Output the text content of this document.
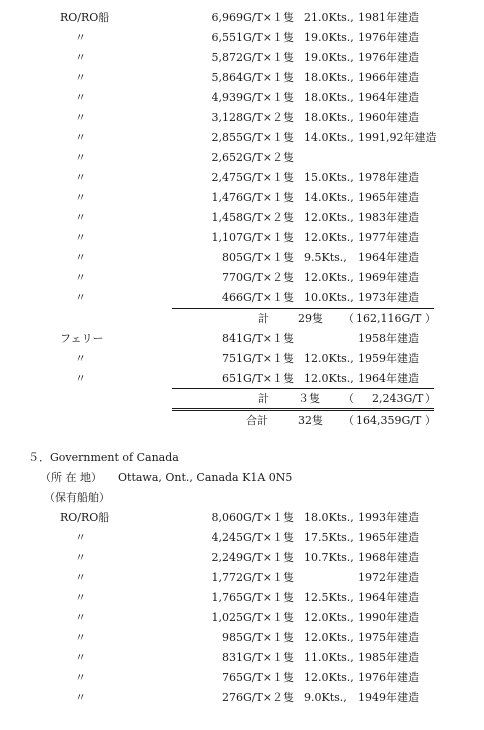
RO/RO船	6,969G/T×１隻 21.0Kts., 1981年建造
〃	6,551G/T×１隻 19.0Kts., 1976年建造
〃	5,872G/T×１隻 19.0Kts., 1976年建造
〃	5,864G/T×１隻 18.0Kts., 1966年建造
〃	4,939G/T×１隻 18.0Kts., 1964年建造
〃	3,128G/T×２隻 18.0Kts., 1960年建造
〃	2,855G/T×１隻 14.0Kts., 1991,92年建造
〃	2,652G/T×２隻
〃	2,475G/T×１隻 15.0Kts., 1978年建造
〃	1,476G/T×１隻 14.0Kts., 1965年建造
〃	1,458G/T×２隻 12.0Kts., 1983年建造
〃	1,107G/T×１隻 12.0Kts., 1977年建造
〃	805G/T×１隻 9.5Kts., 1964年建造
〃	770G/T×２隻 12.0Kts., 1969年建造
〃	466G/T×１隻 10.0Kts., 1973年建造
計	29隻 （ 162,116G/T ）
フェリー	841G/T×１隻	1958年建造
〃	751G/T×１隻 12.0Kts., 1959年建造
〃	651G/T×１隻 12.0Kts., 1964年建造
計	３隻 （ 2,243G/T ）
合計	32隻 （ 164,359G/T ）
５．Government of Canada
（所 在 地） Ottawa, Ont., Canada K1A 0N5
（保有船舶）
RO/RO船	8,060G/T×１隻 18.0Kts., 1993年建造
〃	4,245G/T×１隻 17.5Kts., 1965年建造
〃	2,249G/T×１隻 10.7Kts., 1968年建造
〃	1,772G/T×１隻	1972年建造
〃	1,765G/T×１隻 12.5Kts., 1964年建造
〃	1,025G/T×１隻 12.0Kts., 1990年建造
〃	985G/T×１隻 12.0Kts., 1975年建造
〃	831G/T×１隻 11.0Kts., 1985年建造
〃	765G/T×１隻 12.0Kts., 1976年建造
〃	276G/T×２隻 9.0Kts., 1949年建造
